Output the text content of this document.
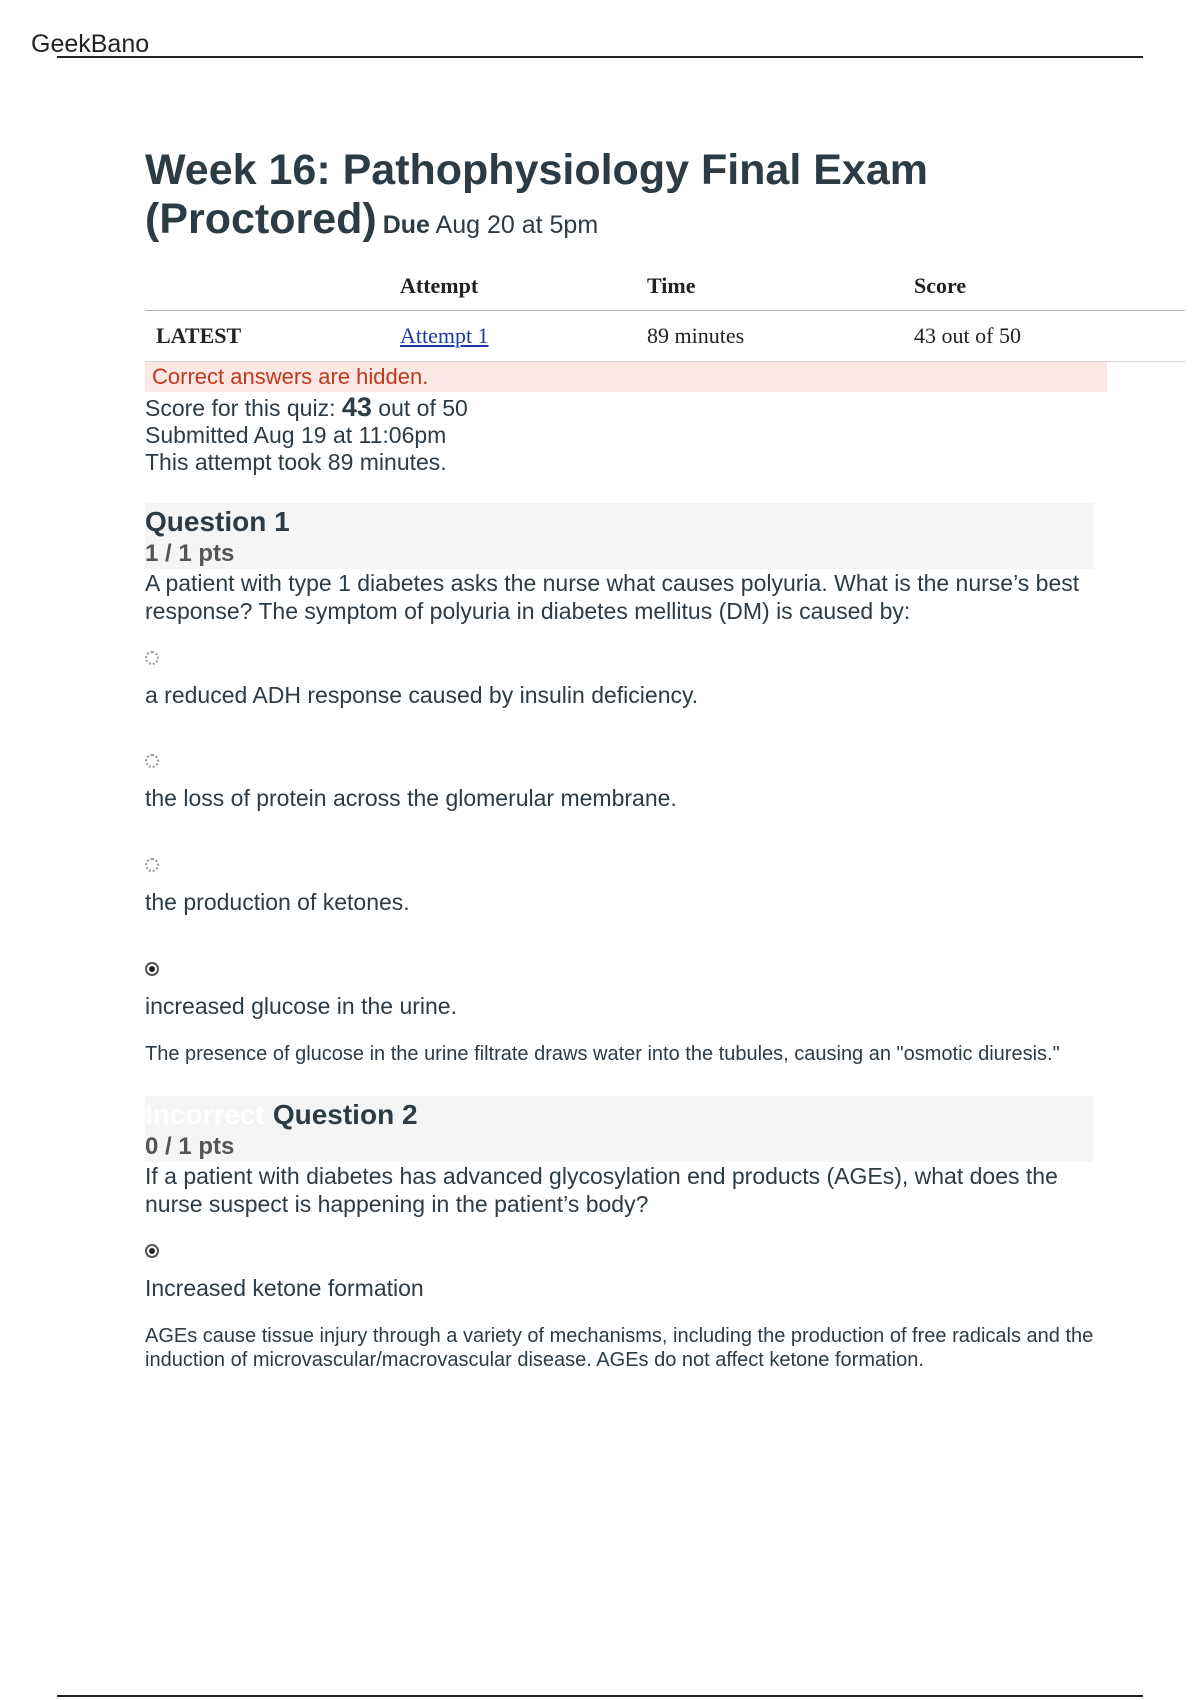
GeekBano
Week 16: Pathophysiology Final Exam (Proctored) Due Aug 20 at 5pm
	Attempt	Time	Score
LATEST	Attempt 1	89 minutes	43 out of 50
Correct answers are hidden.
Score for this quiz: 43 out of 50
Submitted Aug 19 at 11:06pm
This attempt took 89 minutes.
Question 1
1 / 1 pts
A patient with type 1 diabetes asks the nurse what causes polyuria. What is the nurse’s best response? The symptom of polyuria in diabetes mellitus (DM) is caused by:
a reduced ADH response caused by insulin deficiency.
the loss of protein across the glomerular membrane.
the production of ketones.
increased glucose in the urine.
The presence of glucose in the urine filtrate draws water into the tubules, causing an "osmotic diuresis."
Incorrect Question 2
0 / 1 pts
If a patient with diabetes has advanced glycosylation end products (AGEs), what does the nurse suspect is happening in the patient’s body?
Increased ketone formation
AGEs cause tissue injury through a variety of mechanisms, including the production of free radicals and the induction of microvascular/macrovascular disease. AGEs do not affect ketone formation.
